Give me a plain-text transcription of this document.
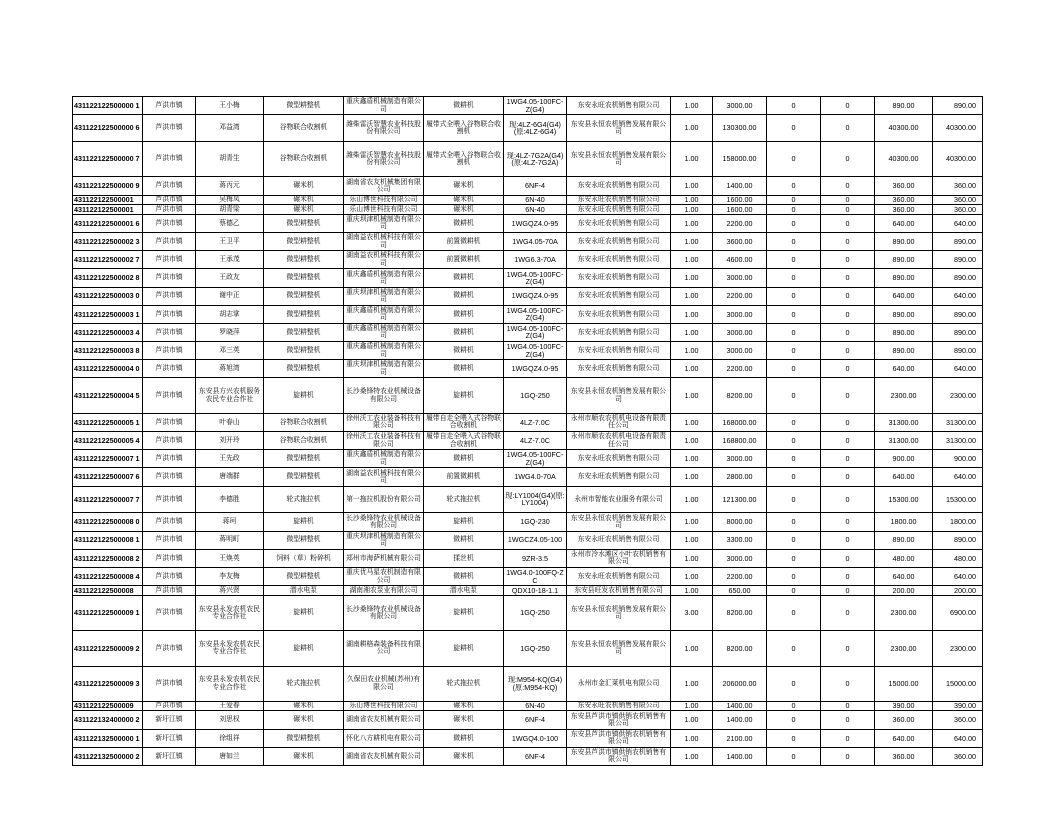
431122122500000 1	芦洪市镇	王小梅	微型耕整机	重庆鑫盾机械制造有限公司	微耕机	1WG4.05-100FC-Z(G4)	东安永旺农机销售有限公司	1.00	3000.00	0	0	890.00	890.00
431122122500000 6	芦洪市镇	邓益湾	谷物联合收割机	潍柴雷沃智慧农业科技股份有限公司	履带式全喂入谷物联合收割机	现:4LZ-6G4(G4)(原:4LZ-6G4)	东安县永恒农机销售发展有限公司	1.00	130300.00	0	0	40300.00	40300.00
431122122500000 7	芦洪市镇	胡青生	谷物联合收割机	潍柴雷沃智慧农业科技股份有限公司	履带式全喂入谷物联合收割机	现:4LZ-7G2A(G4)(原:4LZ-7G2A)	东安县永恒农机销售发展有限公司	1.00	158000.00	0	0	40300.00	40300.00
431122122500000 9	芦洪市镇	蒋丙元	碾米机	湖南省农友机械集团有限公司	碾米机	6NF-4	东安永旺农机销售有限公司	1.00	1400.00	0	0	360.00	360.00
431122122500001	芦洪市镇	吴梅凤	碾米机	乐山博世科技有限公司	碾米机	6N-40	东安永旺农机销售有限公司	1.00	1600.00	0	0	360.00	360.00
431122122500001	芦洪市镇	胡青梁	碾米机	乐山博世科技有限公司	碾米机	6N-40	东安永旺农机销售有限公司	1.00	1600.00	0	0	360.00	360.00
431122122500001 6	芦洪市镇	蔡德乙	微型耕整机	重庆坝津机械制造有限公司	微耕机	1WGQZ4.0-95	东安永旺农机销售有限公司	1.00	2200.00	0	0	640.00	640.00
431122122500002 3	芦洪市镇	王卫平	微型耕整机	湖南益农机械科技有限公司	前置微耕机	1WG4.05-70A	东安永旺农机销售有限公司	1.00	3600.00	0	0	890.00	890.00
431122122500002 7	芦洪市镇	王承茂	微型耕整机	湖南益农机械科技有限公司	前置微耕机	1WG6.3-70A	东安永旺农机销售有限公司	1.00	4600.00	0	0	890.00	890.00
431122122500002 8	芦洪市镇	王政友	微型耕整机	重庆鑫盾机械制造有限公司	微耕机	1WG4.05-100FC-Z(G4)	东安永旺农机销售有限公司	1.00	3000.00	0	0	890.00	890.00
431122122500003 0	芦洪市镇	谢中正	微型耕整机	重庆坝津机械制造有限公司	微耕机	1WGQZ4.0-95	东安永旺农机销售有限公司	1.00	2200.00	0	0	640.00	640.00
431122122500003 1	芦洪市镇	胡志掌	微型耕整机	重庆鑫盾机械制造有限公司	微耕机	1WG4.05-100FC-Z(G4)	东安永旺农机销售有限公司	1.00	3000.00	0	0	890.00	890.00
431122122500003 4	芦洪市镇	罗晓萍	微型耕整机	重庆鑫盾机械制造有限公司	微耕机	1WG4.05-100FC-Z(G4)	东安永旺农机销售有限公司	1.00	3000.00	0	0	890.00	890.00
431122122500003 8	芦洪市镇	邓三英	微型耕整机	重庆鑫盾机械制造有限公司	微耕机	1WG4.05-100FC-Z(G4)	东安永旺农机销售有限公司	1.00	3000.00	0	0	890.00	890.00
431122122500004 0	芦洪市镇	蒋旭湾	微型耕整机	重庆坝津机械制造有限公司	微耕机	1WGQZ4.0-95	东安永旺农机销售有限公司	1.00	2200.00	0	0	640.00	640.00
431122122500004 5	芦洪市镇	东安县方兴农机服务农民专业合作社	旋耕机	长沙桑锋特农业机械设备有限公司	旋耕机	1GQ-250	东安县永恒农机销售发展有限公司	1.00	8200.00	0	0	2300.00	2300.00
431122122500005 1	芦洪市镇	叶春山	谷物联合收割机	徐州沃工农业装备科技有限公司	履带自走全喂入式谷物联合收割机	4LZ-7.0C	永州市顺农农机机电设备有限责任公司	1.00	168000.00	0	0	31300.00	31300.00
431122122500005 4	芦洪市镇	刘开玲	谷物联合收割机	徐州沃工农业装备科技有限公司	履带自走全喂入式谷物联合收割机	4LZ-7.0C	永州市顺农农机机电设备有限责任公司	1.00	168800.00	0	0	31300.00	31300.00
431122122500007 1	芦洪市镇	王先政	微型耕整机	重庆鑫盾机械制造有限公司	微耕机	1WG4.05-100FC-Z(G4)	东安永旺农机销售有限公司	1.00	3000.00	0	0	900.00	900.00
431122122500007 6	芦洪市镇	唐端群	微型耕整机	湖南益农机械科技有限公司	前置微耕机	1WG4.0-70A	东安永旺农机销售有限公司	1.00	2800.00	0	0	640.00	640.00
431122122500007 7	芦洪市镇	李德胜	轮式拖拉机	第一拖拉机股份有限公司	轮式拖拉机	现:LY1004(G4)(原:LY1004)	永州市智能农业服务有限公司	1.00	121300.00	0	0	15300.00	15300.00
431122122500008 0	芦洪市镇	蒋珂	旋耕机	长沙桑锋特农业机械设备有限公司	旋耕机	1GQ-230	东安县永恒农机销售发展有限公司	1.00	8000.00	0	0	1800.00	1800.00
431122122500008 1	芦洪市镇	蒋明町	微型耕整机	重庆坝津机械制造有限公司	微耕机	1WGCZ4.05-100	东安永旺农机销售有限公司	1.00	3300.00	0	0	890.00	890.00
431122122500008 2	芦洪市镇	王焕英	饲料（草）粉碎机	郑州市海萨机械有限公司	揉丝机	9ZR-3.5	永州市冷水滩区小叶农机销售有限公司	1.00	3000.00	0	0	480.00	480.00
431122122500008 4	芦洪市镇	李友梅	微型耕整机	重庆优马星农机制造有限公司	微耕机	1WG4.0-100FQ-ZC	东安永旺农机销售有限公司	1.00	2200.00	0	0	640.00	640.00
431122122500008	芦洪市镇	蒋兴贤	潜水电泵	湖南湘农泵业有限公司	潜水电泵	QDX10-18-1.1	东安县旺发农机销售有限公司	1.00	650.00	0	0	200.00	200.00
431122122500009 1	芦洪市镇	东安县永发农机农民专业合作社	旋耕机	长沙桑锋特农业机械设备有限公司	旋耕机	1GQ-250	东安县永恒农机销售发展有限公司	3.00	8200.00	0	0	2300.00	6900.00
431122122500009 2	芦洪市镇	东安县永发农机农民专业合作社	旋耕机	湖南耕格森装备科技有限公司	旋耕机	1GQ-250	东安县永恒农机销售发展有限公司	1.00	8200.00	0	0	2300.00	2300.00
431122122500009 3	芦洪市镇	东安县永发农机农民专业合作社	轮式拖拉机	久保田农业机械(苏州)有限公司	轮式拖拉机	现:M954-KQ(G4)(原:M954-KQ)	永州市金汇莱机电有限公司	1.00	206000.00	0	0	15000.00	15000.00
431122122500009	芦洪市镇	王爱春	碾米机	乐山博世科技有限公司	碾米机	6N-40	东安永旺农机销售有限公司	1.00	1400.00	0	0	390.00	390.00
431122132400000 2	新圩江镇	刘思权	碾米机	湖南省农友机械有限公司	碾米机	6NF-4	东安县芦洪市镇供销农机销售有限公司	1.00	1400.00	0	0	360.00	360.00
431122132500000 1	新圩江镇	徐组祥	微型耕整机	怀化八方耕机电有限公司	微耕机	1WGQ4.0-100	东安县芦洪市镇供销农机销售有限公司	1.00	2100.00	0	0	640.00	640.00
431122132500000 2	新圩江镇	唐如兰	碾米机	湖南省农友机械有限公司	碾米机	6NF-4	东安县芦洪市镇供销农机销售有限公司	1.00	1400.00	0	0	360.00	360.00
